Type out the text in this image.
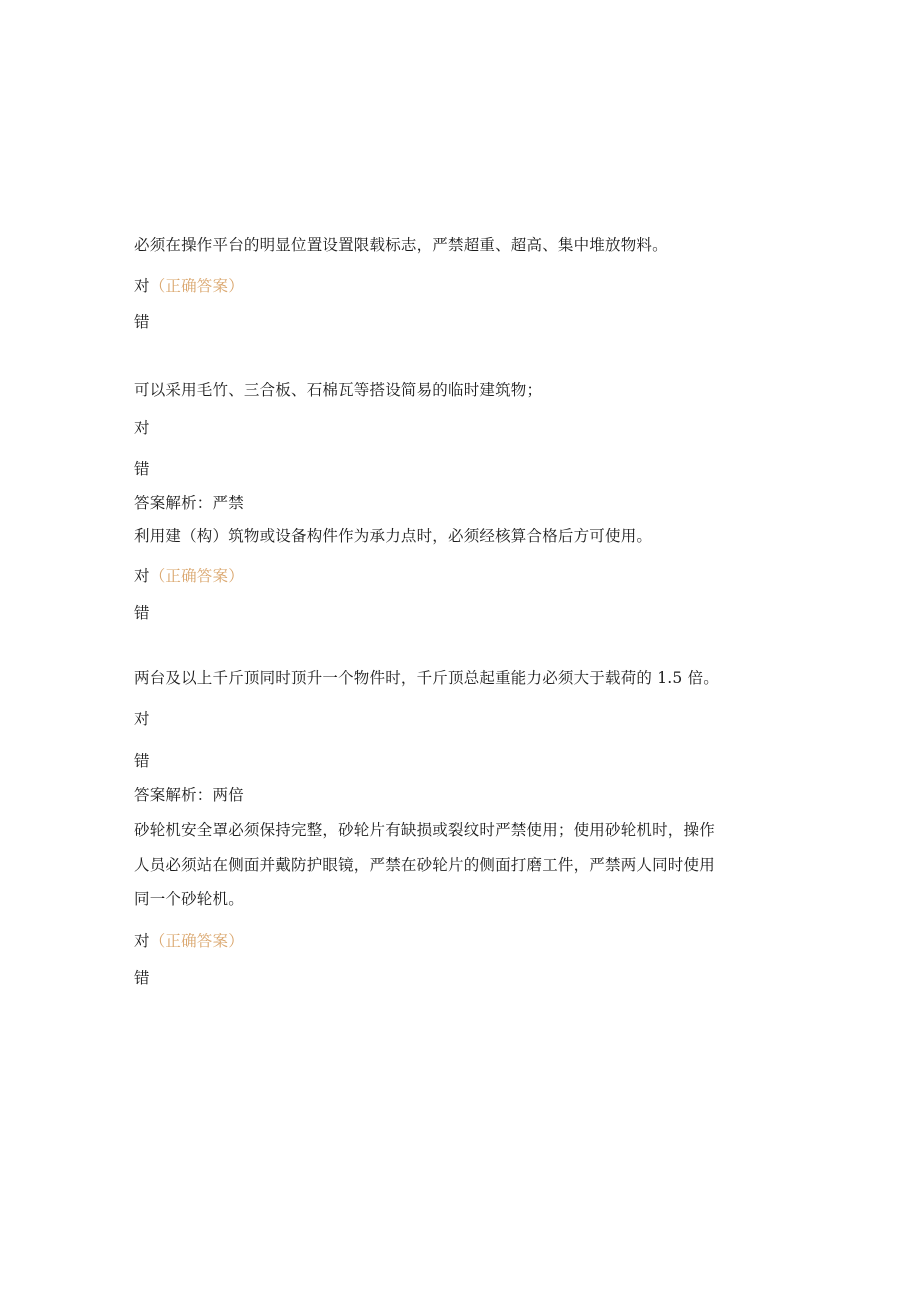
必须在操作平台的明显位置设置限载标志，严禁超重、超高、集中堆放物料。
对（正确答案）
错
可以采用毛竹、三合板、石棉瓦等搭设简易的临时建筑物；
对
错
答案解析：严禁
利用建（构）筑物或设备构件作为承力点时，必须经核算合格后方可使用。
对（正确答案）
错
两台及以上千斤顶同时顶升一个物件时，千斤顶总起重能力必须大于载荷的 1.5 倍。
对
错
答案解析：两倍
砂轮机安全罩必须保持完整，砂轮片有缺损或裂纹时严禁使用；使用砂轮机时，操作
人员必须站在侧面并戴防护眼镜，严禁在砂轮片的侧面打磨工件，严禁两人同时使用
同一个砂轮机。
对（正确答案）
错
